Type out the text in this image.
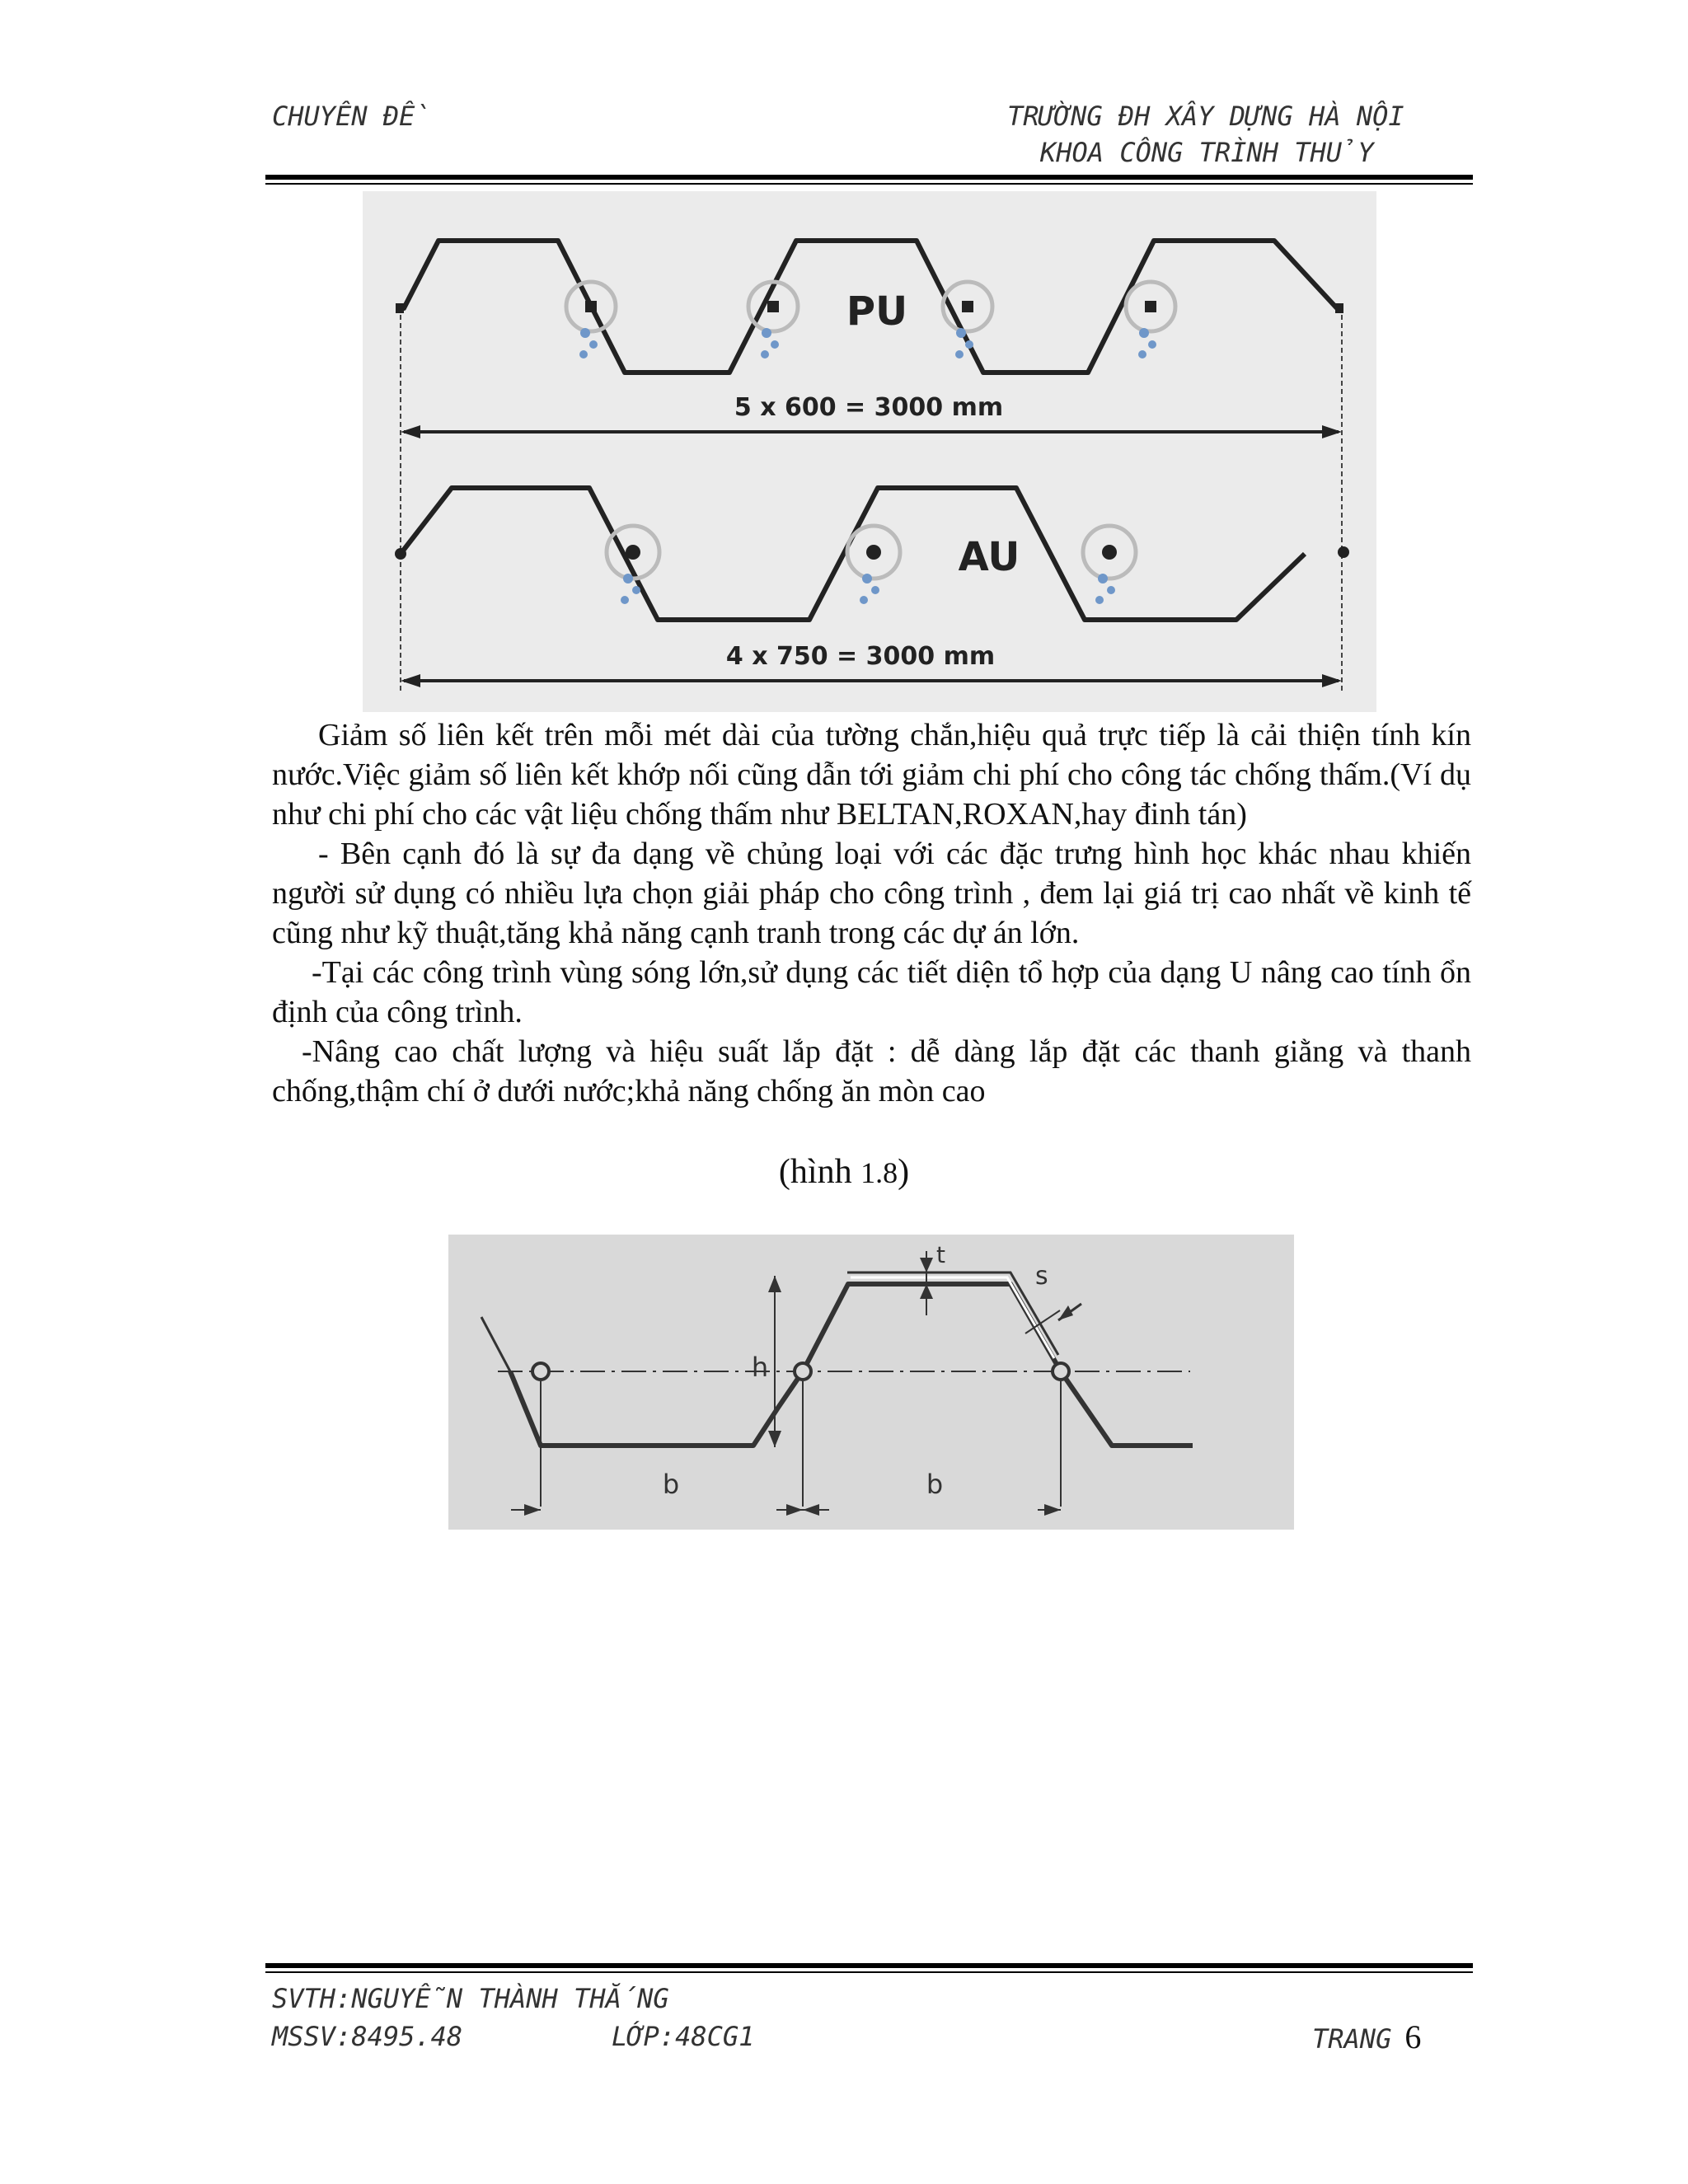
CHUYÊN ĐỀ	TRƯỜNG ĐH XÂY DỰNG HÀ NỘI
KHOA CÔNG TRÌNH THỦY
PU
5 x 600 = 3000 mm
AU
4 x 750 = 3000 mm

Giảm số liên kết trên mỗi mét dài của tường chắn,hiệu quả trực tiếp là cải thiện tính kín nước.Việc giảm số liên kết khớp nối cũng dẫn tới giảm chi phí cho công tác chống thấm.(Ví dụ như chi phí cho các vật liệu chống thấm như BELTAN,ROXAN,hay đinh tán)

- Bên cạnh đó là sự đa dạng về chủng loại với các đặc trưng hình học khác nhau khiến người sử dụng có nhiều lựa chọn giải pháp cho công trình , đem lại giá trị cao nhất về kinh tế cũng như kỹ thuật,tăng khả năng cạnh tranh trong các dự án lớn.

-Tại các công trình vùng sóng lớn,sử dụng các tiết diện tổ hợp của dạng U nâng cao tính ổn định của công trình.

-Nâng cao chất lượng và hiệu suất lắp đặt : dễ dàng lắp đặt các thanh giằng và thanh chống,thậm chí ở dưới nước;khả năng chống ăn mòn cao

(hình 1.8)
h
t
s
b	b
SVTH:NGUYỄN THÀNH THẮNG
MSSV:8495.48	LỚP:48CG1	TRANG 6
